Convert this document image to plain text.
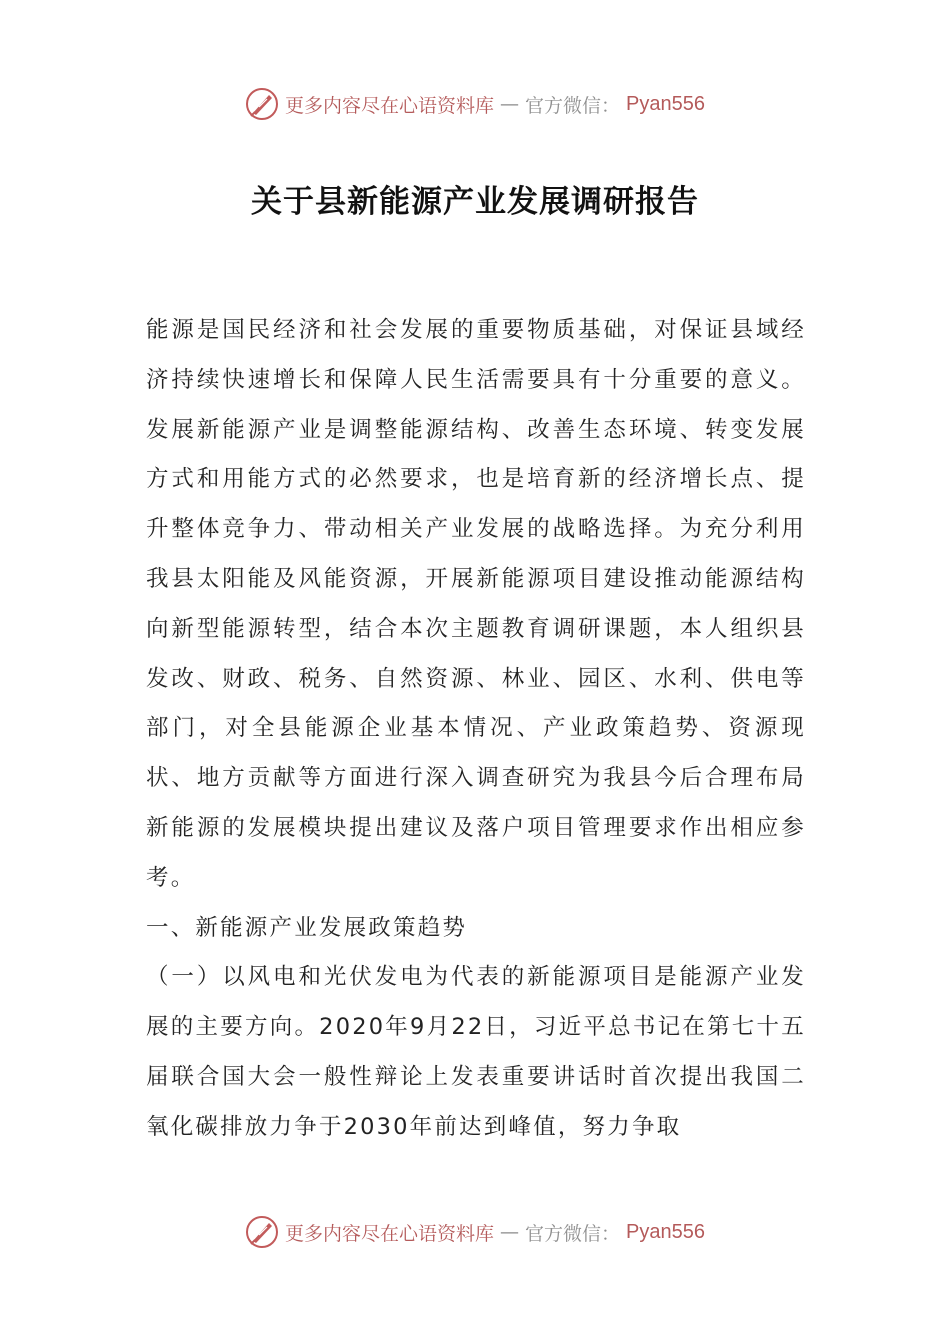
更多内容尽在心语资料库 — 官方微信： Pyan556
关于县新能源产业发展调研报告

能源是国民经济和社会发展的重要物质基础，对保证县域经济持续快速增长和保障人民生活需要具有十分重要的意义。发展新能源产业是调整能源结构、改善生态环境、转变发展方式和用能方式的必然要求，也是培育新的经济增长点、提升整体竞争力、带动相关产业发展的战略选择。为充分利用我县太阳能及风能资源，开展新能源项目建设推动能源结构向新型能源转型，结合本次主题教育调研课题，本人组织县发改、财政、税务、自然资源、林业、园区、水利、供电等部门，对全县能源企业基本情况、产业政策趋势、资源现状、地方贡献等方面进行深入调查研究为我县今后合理布局新能源的发展模块提出建议及落户项目管理要求作出相应参考。

一、新能源产业发展政策趋势

（一）以风电和光伏发电为代表的新能源项目是能源产业发展的主要方向。2020年9月22日，习近平总书记在第七十五届联合国大会一般性辩论上发表重要讲话时首次提出我国二氧化碳排放力争于2030年前达到峰值，努力争取

更多内容尽在心语资料库 — 官方微信： Pyan556
